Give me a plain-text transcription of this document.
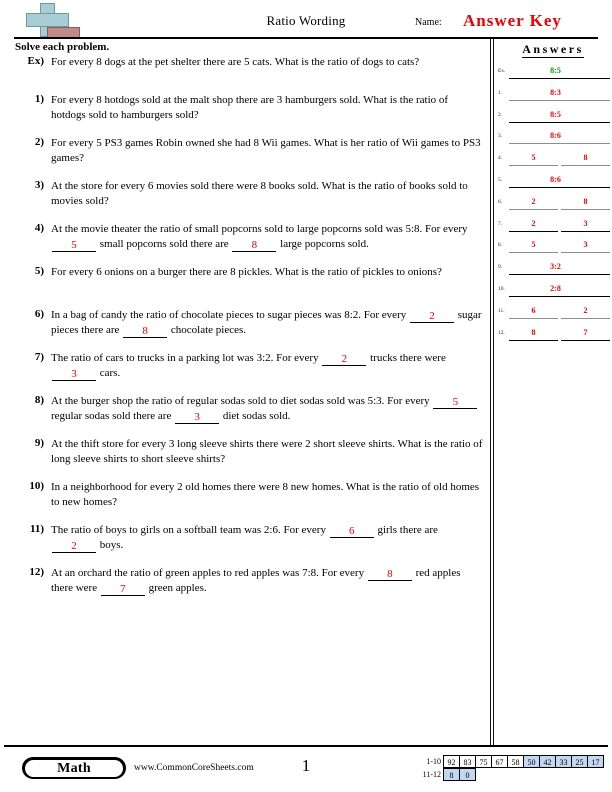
Ratio Wording	Name: Answer Key
Solve each problem.	Answers
Ex.	8:5
1.	8:3
2.	8:5
3.	8:6
4.	5	8
5.	8:6
6.	2	8
7.	2	3
8.	5	3
9.	3:2
10.	2:8
11.	6	2
12.	8	7
Ex) For every 8 dogs at the pet shelter there are 5 cats. What is the ratio of dogs to cats?
1) For every 8 hotdogs sold at the malt shop there are 3 hamburgers sold. What is the ratio of hotdogs sold to hamburgers sold?
2) For every 5 PS3 games Robin owned she had 8 Wii games. What is her ratio of Wii games to PS3 games?
3) At the store for every 6 movies sold there were 8 books sold. What is the ratio of books sold to movies sold?
4) At the movie theater the ratio of small popcorns sold to large popcorns sold was 5:8. For every 5 small popcorns sold there are 8 large popcorns sold.
5) For every 6 onions on a burger there are 8 pickles. What is the ratio of pickles to onions?
6) In a bag of candy the ratio of chocolate pieces to sugar pieces was 8:2. For every 2 sugar pieces there are 8 chocolate pieces.
7) The ratio of cars to trucks in a parking lot was 3:2. For every 2 trucks there were 3 cars.
8) At the burger shop the ratio of regular sodas sold to diet sodas sold was 5:3. For every 5 regular sodas sold there are 3 diet sodas sold.
9) At the thift store for every 3 long sleeve shirts there were 2 short sleeve shirts. What is the ratio of long sleeve shirts to short sleeve shirts?
10) In a neighborhood for every 2 old homes there were 8 new homes. What is the ratio of old homes to new homes?
11) The ratio of boys to girls on a softball team was 2:6. For every 6 girls there are 2 boys.
12) At an orchard the ratio of green apples to red apples was 7:8. For every 8 red apples there were 7 green apples.
Math	www.CommonCoreSheets.com	1	1-10 92 83 75 67 58 50 42 33 25 17
11-12 8 0
